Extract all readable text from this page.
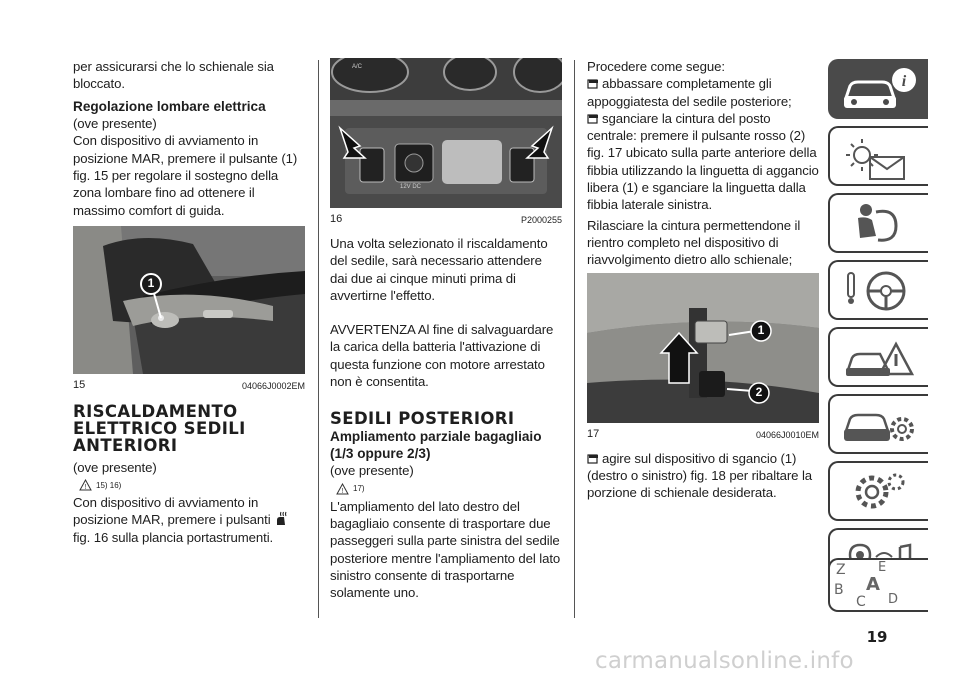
per assicurarsi che lo schienale sia bloccato.

Regolazione lombare elettrica

(ove presente)

Con dispositivo di avviamento in posizione MAR, premere il pulsante (1) fig. 15 per regolare il sostegno della zona lombare fino ad ottenere il massimo comfort di guida.

1
15	04066J0002EM
RISCALDAMENTO ELETTRICO SEDILI ANTERIORI

(ove presente)

! 15) 16)

Con dispositivo di avviamento in posizione MAR, premere i pulsanti  fig. 16 sulla plancia portastrumenti.

A/C
12V DC
16	P2000255

Una volta selezionato il riscaldamento del sedile, sarà necessario attendere dai due ai cinque minuti prima di avvertirne l'effetto.

AVVERTENZA Al fine di salvaguardare la carica della batteria l'attivazione di questa funzione con motore arrestato non è consentita.

SEDILI POSTERIORI
Ampliamento parziale bagagliaio (1/3 oppure 2/3)

(ove presente)

! 17)

L'ampliamento del lato destro del bagagliaio consente di trasportare due passeggeri sulla parte sinistra del sedile posteriore mentre l'ampliamento del lato sinistro consente di trasportarne solamente uno.

Procedere come segue:

abbassare completamente gli appoggiatesta del sedile posteriore;

sganciare la cintura del posto centrale: premere il pulsante rosso (2) fig. 17 ubicato sulla parte anteriore della fibbia utilizzando la linguetta di aggancio libera (1) e sganciare la linguetta dalla fibbia laterale sinistra.

Rilasciare la cintura permettendone il rientro completo nel dispositivo di riavvolgimento dietro allo schienale;

1
2
17	04066J0010EM

agire sul dispositivo di sgancio (1) (destro o sinistro) fig. 18 per ribaltare la porzione di schienale desiderata.

i
Z E
B A
C D
19
carmanualsonline.info
